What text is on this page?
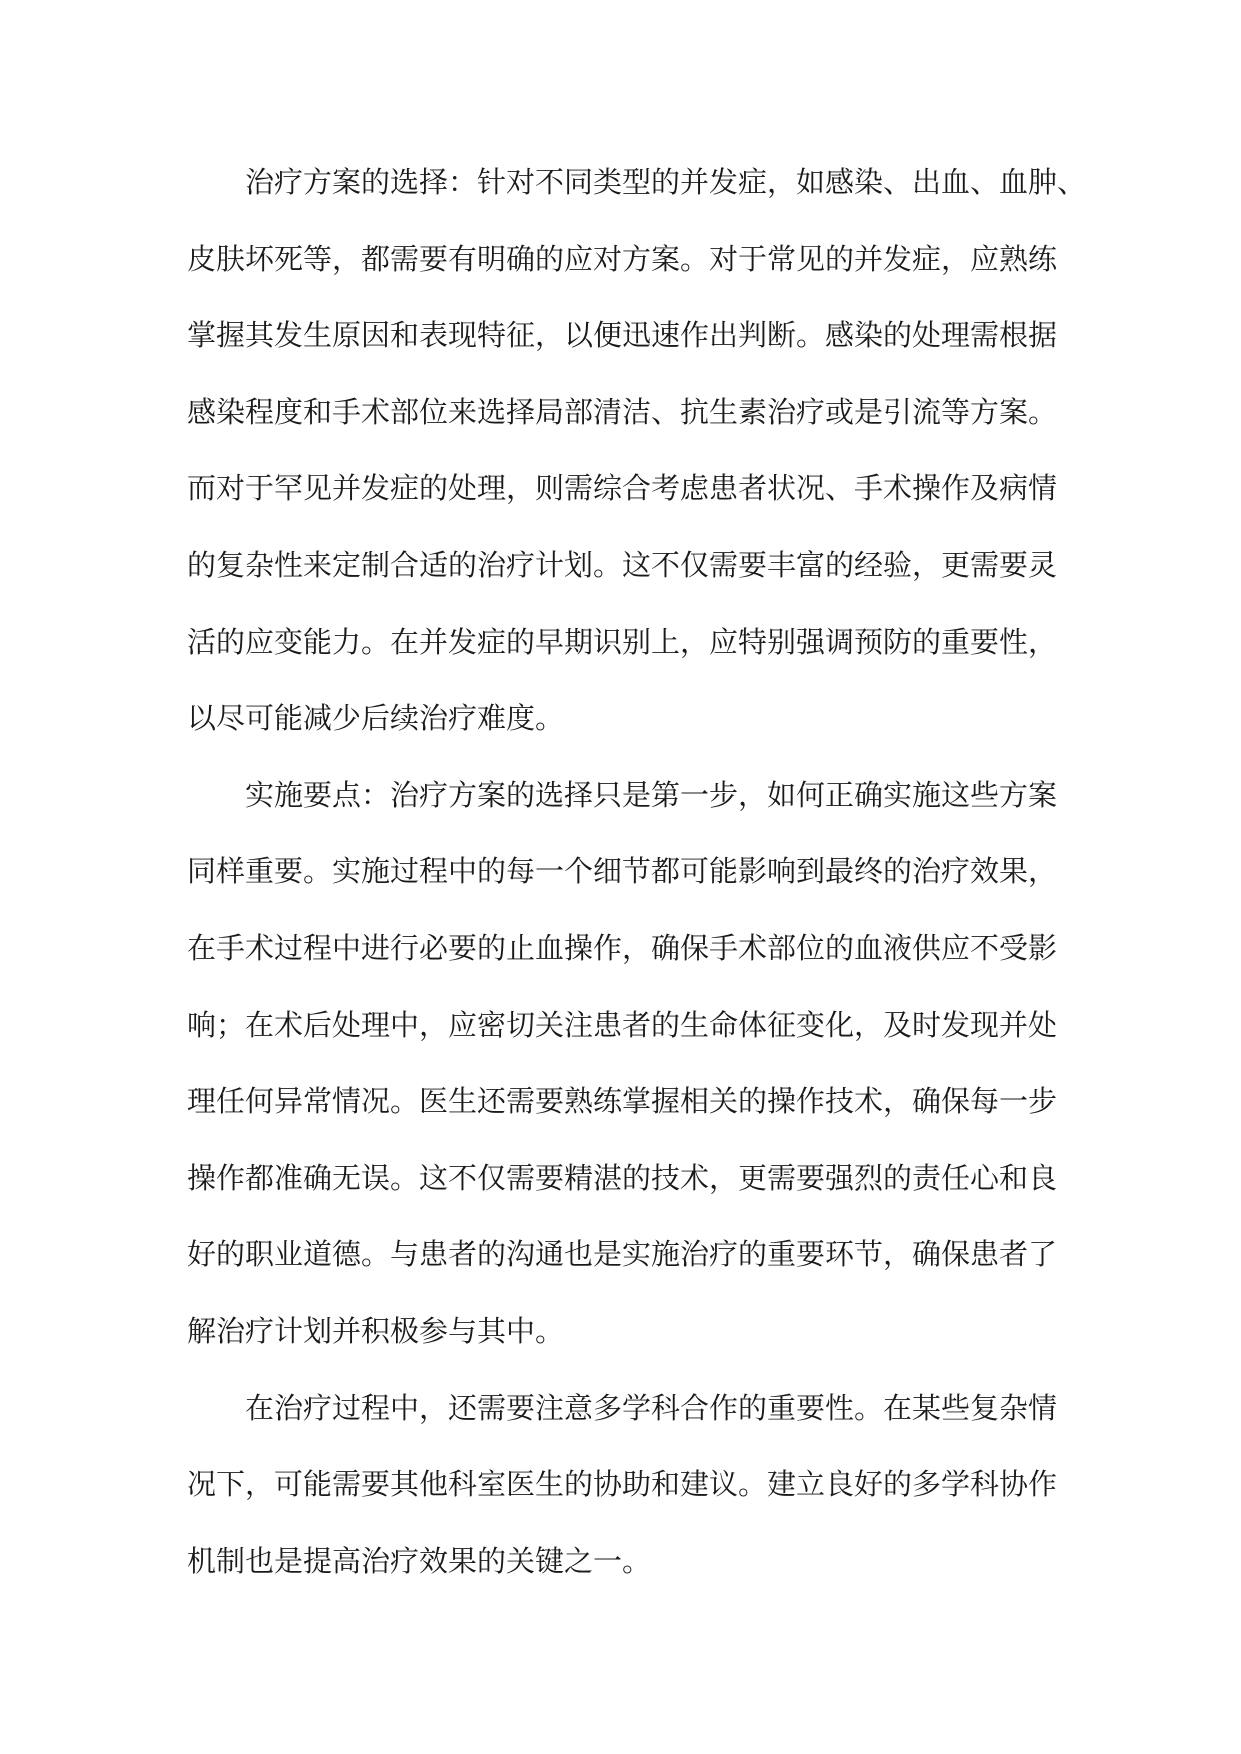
治疗方案的选择：针对不同类型的并发症，如感染、出血、血肿、
皮肤坏死等，都需要有明确的应对方案。对于常见的并发症，应熟练
掌握其发生原因和表现特征，以便迅速作出判断。感染的处理需根据
感染程度和手术部位来选择局部清洁、抗生素治疗或是引流等方案。
而对于罕见并发症的处理，则需综合考虑患者状况、手术操作及病情
的复杂性来定制合适的治疗计划。这不仅需要丰富的经验，更需要灵
活的应变能力。在并发症的早期识别上，应特别强调预防的重要性，
以尽可能减少后续治疗难度。
实施要点：治疗方案的选择只是第一步，如何正确实施这些方案
同样重要。实施过程中的每一个细节都可能影响到最终的治疗效果，
在手术过程中进行必要的止血操作，确保手术部位的血液供应不受影
响；在术后处理中，应密切关注患者的生命体征变化，及时发现并处
理任何异常情况。医生还需要熟练掌握相关的操作技术，确保每一步
操作都准确无误。这不仅需要精湛的技术，更需要强烈的责任心和良
好的职业道德。与患者的沟通也是实施治疗的重要环节，确保患者了
解治疗计划并积极参与其中。
在治疗过程中，还需要注意多学科合作的重要性。在某些复杂情
况下，可能需要其他科室医生的协助和建议。建立良好的多学科协作
机制也是提高治疗效果的关键之一。
